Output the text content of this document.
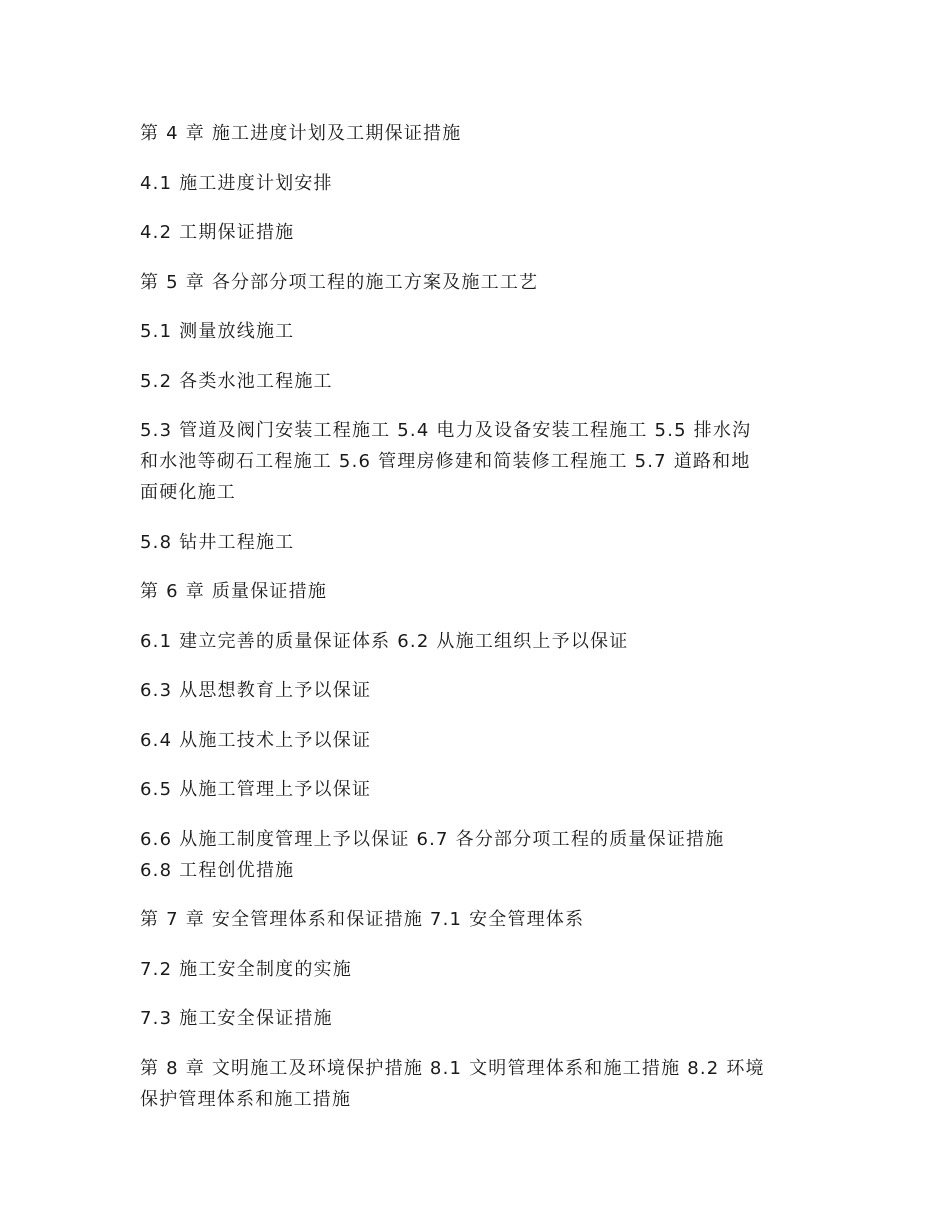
第 4 章 施工进度计划及工期保证措施

4.1 施工进度计划安排

4.2 工期保证措施

第 5 章 各分部分项工程的施工方案及施工工艺

5.1 测量放线施工

5.2 各类水池工程施工

5.3 管道及阀门安装工程施工 5.4 电力及设备安装工程施工 5.5 排水沟
和水池等砌石工程施工 5.6 管理房修建和简装修工程施工 5.7 道路和地
面硬化施工

5.8 钻井工程施工

第 6 章 质量保证措施

6.1 建立完善的质量保证体系 6.2 从施工组织上予以保证

6.3 从思想教育上予以保证

6.4 从施工技术上予以保证

6.5 从施工管理上予以保证

6.6 从施工制度管理上予以保证 6.7 各分部分项工程的质量保证措施
6.8 工程创优措施

第 7 章 安全管理体系和保证措施 7.1 安全管理体系

7.2 施工安全制度的实施

7.3 施工安全保证措施

第 8 章 文明施工及环境保护措施 8.1 文明管理体系和施工措施 8.2 环境
保护管理体系和施工措施
